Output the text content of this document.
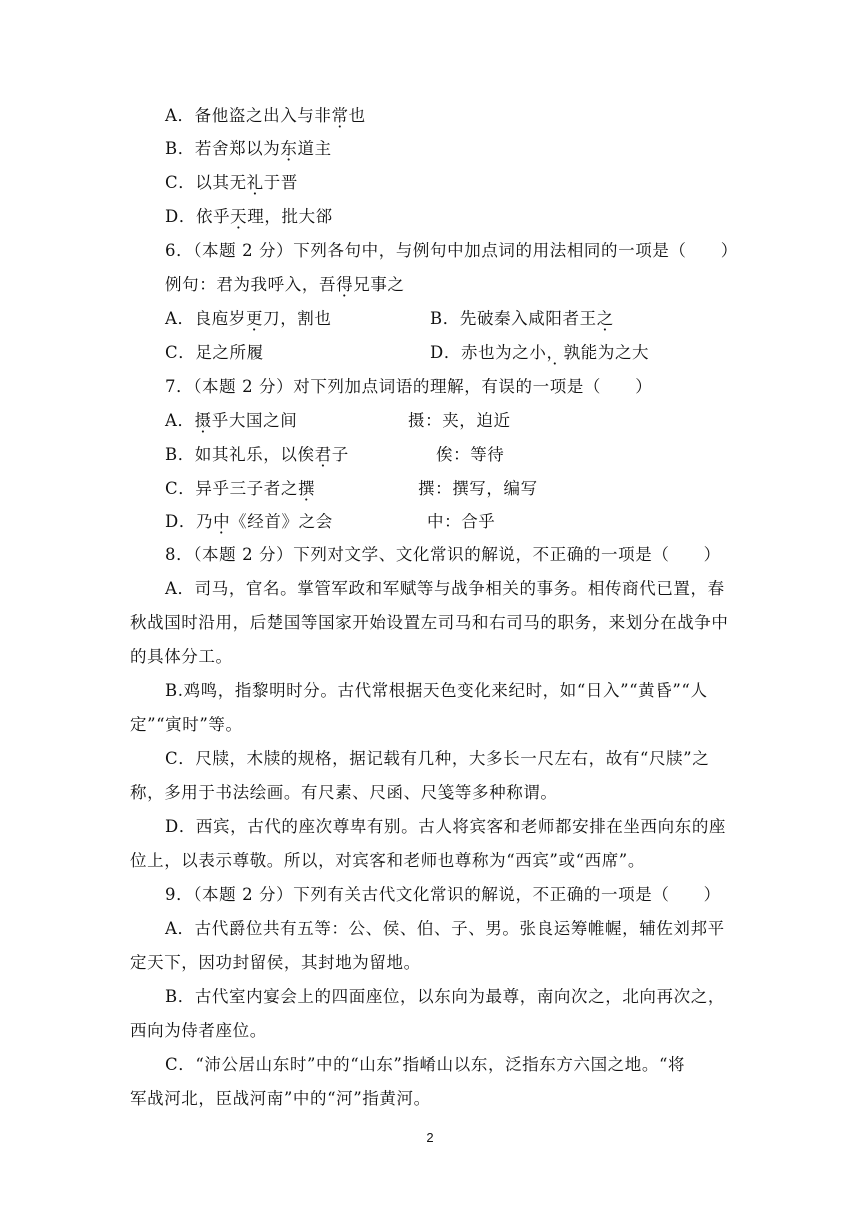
A．备他盗之出入与非常也
B．若舍郑以为东道主
C．以其无礼于晋
D．依乎天理，批大郤
6．（本题 2 分）下列各句中，与例句中加点词的用法相同的一项是（　　）
例句：君为我呼入，吾得兄事之
A．良庖岁更刀，割也	B．先破秦入咸阳者王之
C．足之所履	D．赤也为之小， ·孰能为之大
7．（本题 2 分）对下列加点词语的理解，有误的一项是（　　）
A．摄乎大国之间	摄：夹，迫近
B．如其礼乐，以俟君子	俟：等待
C．异乎三子者之撰	撰：撰写，编写
D．乃中《经首》之会	中：合乎
8．（本题 2 分）下列对文学、文化常识的解说，不正确的一项是（　　）
A．司马，官名。掌管军政和军赋等与战争相关的事务。相传商代已置，春
秋战国时沿用，后楚国等国家开始设置左司马和右司马的职务，来划分在战争中
的具体分工。
B.鸡鸣，指黎明时分。古代常根据天色变化来纪时，如“日入”“黄昏”“人
定”“寅时”等。
C．尺牍，木牍的规格，据记载有几种，大多长一尺左右，故有“尺牍”之
称，多用于书法绘画。有尺素、尺函、尺笺等多种称谓。
D．西宾，古代的座次尊卑有别。古人将宾客和老师都安排在坐西向东的座
位上，以表示尊敬。所以，对宾客和老师也尊称为“西宾”或“西席”。
9．（本题 2 分）下列有关古代文化常识的解说，不正确的一项是（　　）
A．古代爵位共有五等：公、侯、伯、子、男。张良运筹帷幄，辅佐刘邦平
定天下，因功封留侯，其封地为留地。
B．古代室内宴会上的四面座位，以东向为最尊，南向次之，北向再次之，
西向为侍者座位。
C．“沛公居山东时”中的“山东”指崤山以东，泛指东方六国之地。“将
军战河北，臣战河南”中的“河”指黄河。
2
